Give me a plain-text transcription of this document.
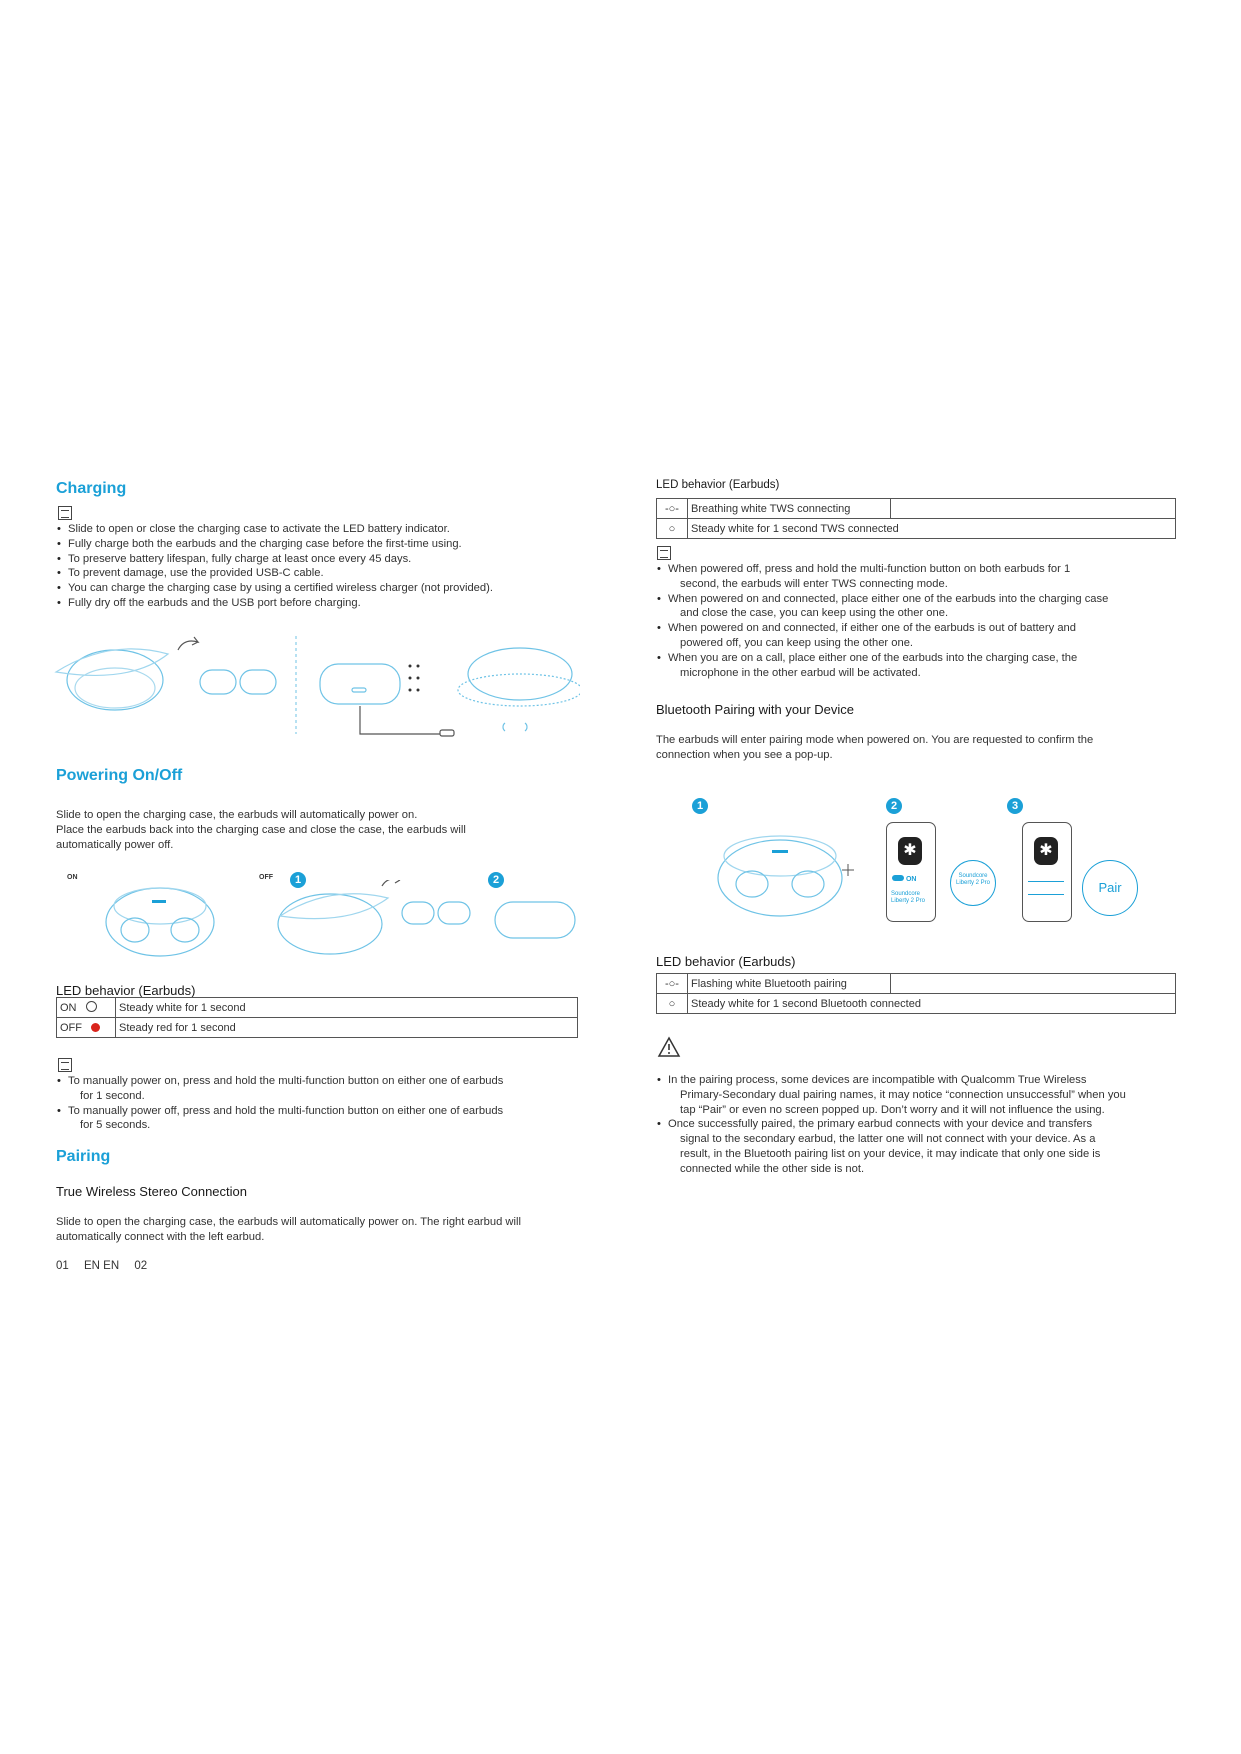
Charging
• Slide to open or close the charging case to activate the LED battery indicator.
• Fully charge both the earbuds and the charging case before the first-time using.
• To preserve battery lifespan, fully charge at least once every 45 days.
• To prevent damage, use the provided USB-C cable.
• You can charge the charging case by using a certified wireless charger (not provided).
• Fully dry off the earbuds and the USB port before charging.
Powering On/Off
Slide to open the charging case, the earbuds will automatically power on.
Place the earbuds back into the charging case and close the case, the earbuds will
automatically power off.
ON	OFF	1	2
LED behavior (Earbuds)
ON	Steady white for 1 second
OFF	Steady red for 1 second
• To manually power on, press and hold the multi-function button on either one of earbuds
for 1 second.
• To manually power off, press and hold the multi-function button on either one of earbuds
for 5 seconds.
Pairing
True Wireless Stereo Connection
Slide to open the charging case, the earbuds will automatically power on. The right earbud will
automatically connect with the left earbud.
01 EN EN 02
LED behavior (Earbuds)
-○-	Breathing white TWS connecting	
○	Steady white for 1 second TWS connected	
• When powered off, press and hold the multi-function button on both earbuds for 1
second, the earbuds will enter TWS connecting mode.
• When powered on and connected, place either one of the earbuds into the charging case
and close the case, you can keep using the other one.
• When powered on and connected, if either one of the earbuds is out of battery and
powered off, you can keep using the other one.
• When you are on a call, place either one of the earbuds into the charging case, the
microphone in the other earbud will be activated.
Bluetooth Pairing with your Device
The earbuds will enter pairing mode when powered on. You are requested to confirm the
connection when you see a pop-up.
1	2	3
✱
ON
Soundcore
Liberty 2 Pro
Soundcore
Liberty 2 Pro
✱
Pair
LED behavior (Earbuds)
-○-	Flashing white Bluetooth pairing	
○	Steady white for 1 second Bluetooth connected	
• In the pairing process, some devices are incompatible with Qualcomm True Wireless
Primary-Secondary dual pairing names, it may notice “connection unsuccessful” when you
tap “Pair” or even no screen popped up. Don’t worry and it will not influence the using.
• Once successfully paired, the primary earbud connects with your device and transfers
signal to the secondary earbud, the latter one will not connect with your device. As a
result, in the Bluetooth pairing list on your device, it may indicate that only one side is
connected while the other side is not.
